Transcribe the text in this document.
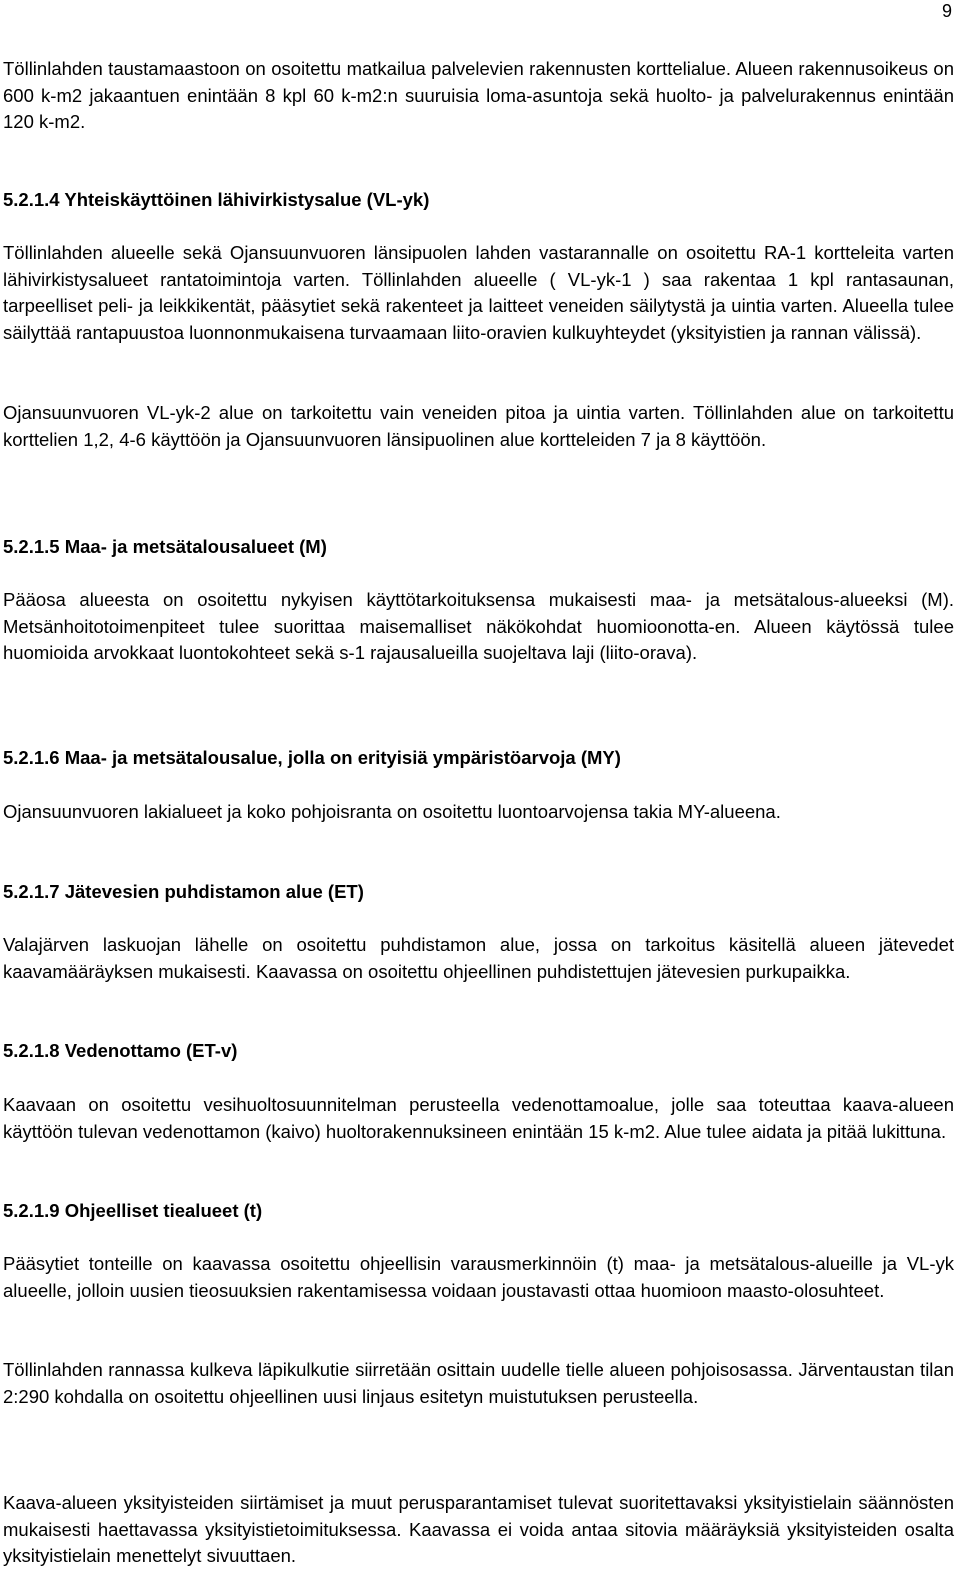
9

Töllinlahden taustamaastoon on osoitettu matkailua palvelevien rakennusten korttelialue. Alueen rakennusoikeus on 600 k-m2 jakaantuen enintään 8 kpl 60 k-m2:n suuruisia loma-asuntoja sekä huolto- ja palvelurakennus enintään 120 k-m2.

5.2.1.4 Yhteiskäyttöinen lähivirkistysalue (VL-yk)

Töllinlahden alueelle sekä Ojansuunvuoren länsipuolen lahden vastarannalle on osoitettu RA-1 kortteleita varten lähivirkistysalueet rantatoimintoja varten. Töllinlahden alueelle ( VL-yk-1 ) saa rakentaa 1 kpl rantasaunan, tarpeelliset peli- ja leikkikentät, pääsytiet sekä rakenteet ja laitteet veneiden säilytystä ja uintia varten. Alueella tulee säilyttää rantapuustoa luonnonmukaisena turvaamaan liito-oravien kulkuyhteydet (yksityistien ja rannan välissä).

Ojansuunvuoren VL-yk-2 alue on tarkoitettu vain veneiden pitoa ja uintia varten. Töllinlahden alue on tarkoitettu korttelien 1,2, 4-6 käyttöön ja Ojansuunvuoren länsipuolinen alue kortteleiden 7 ja 8 käyttöön.

5.2.1.5 Maa- ja metsätalousalueet (M)

Pääosa alueesta on osoitettu nykyisen käyttötarkoituksensa mukaisesti maa- ja metsätalous-alueeksi (M). Metsänhoitotoimenpiteet tulee suorittaa maisemalliset näkökohdat huomioonotta-en. Alueen käytössä tulee huomioida arvokkaat luontokohteet sekä s-1 rajausalueilla suojeltava laji (liito-orava).

5.2.1.6 Maa- ja metsätalousalue, jolla on erityisiä ympäristöarvoja (MY)

Ojansuunvuoren lakialueet ja koko pohjoisranta on osoitettu luontoarvojensa takia MY-alueena.

5.2.1.7 Jätevesien puhdistamon alue (ET)

Valajärven laskuojan lähelle on osoitettu puhdistamon alue, jossa on tarkoitus käsitellä alueen jätevedet kaavamääräyksen mukaisesti. Kaavassa on osoitettu ohjeellinen puhdistettujen jätevesien purkupaikka.

5.2.1.8 Vedenottamo (ET-v)

Kaavaan on osoitettu vesihuoltosuunnitelman perusteella vedenottamoalue, jolle saa toteuttaa kaava-alueen käyttöön tulevan vedenottamon (kaivo) huoltorakennuksineen enintään 15 k-m2. Alue tulee aidata ja pitää lukittuna.

5.2.1.9 Ohjeelliset tiealueet (t)

Pääsytiet tonteille on kaavassa osoitettu ohjeellisin varausmerkinnöin (t) maa- ja metsätalous-alueille ja VL-yk alueelle, jolloin uusien tieosuuksien rakentamisessa voidaan joustavasti ottaa huomioon maasto-olosuhteet.

Töllinlahden rannassa kulkeva läpikulkutie siirretään osittain uudelle tielle alueen pohjoisosassa. Järventaustan tilan 2:290 kohdalla on osoitettu ohjeellinen uusi linjaus esitetyn muistutuksen perusteella.

Kaava-alueen yksityisteiden siirtämiset ja muut perusparantamiset tulevat suoritettavaksi yksityistielain säännösten mukaisesti haettavassa yksityistietoimituksessa. Kaavassa ei voida antaa sitovia määräyksiä yksityisteiden osalta yksityistielain menettelyt sivuuttaen.
